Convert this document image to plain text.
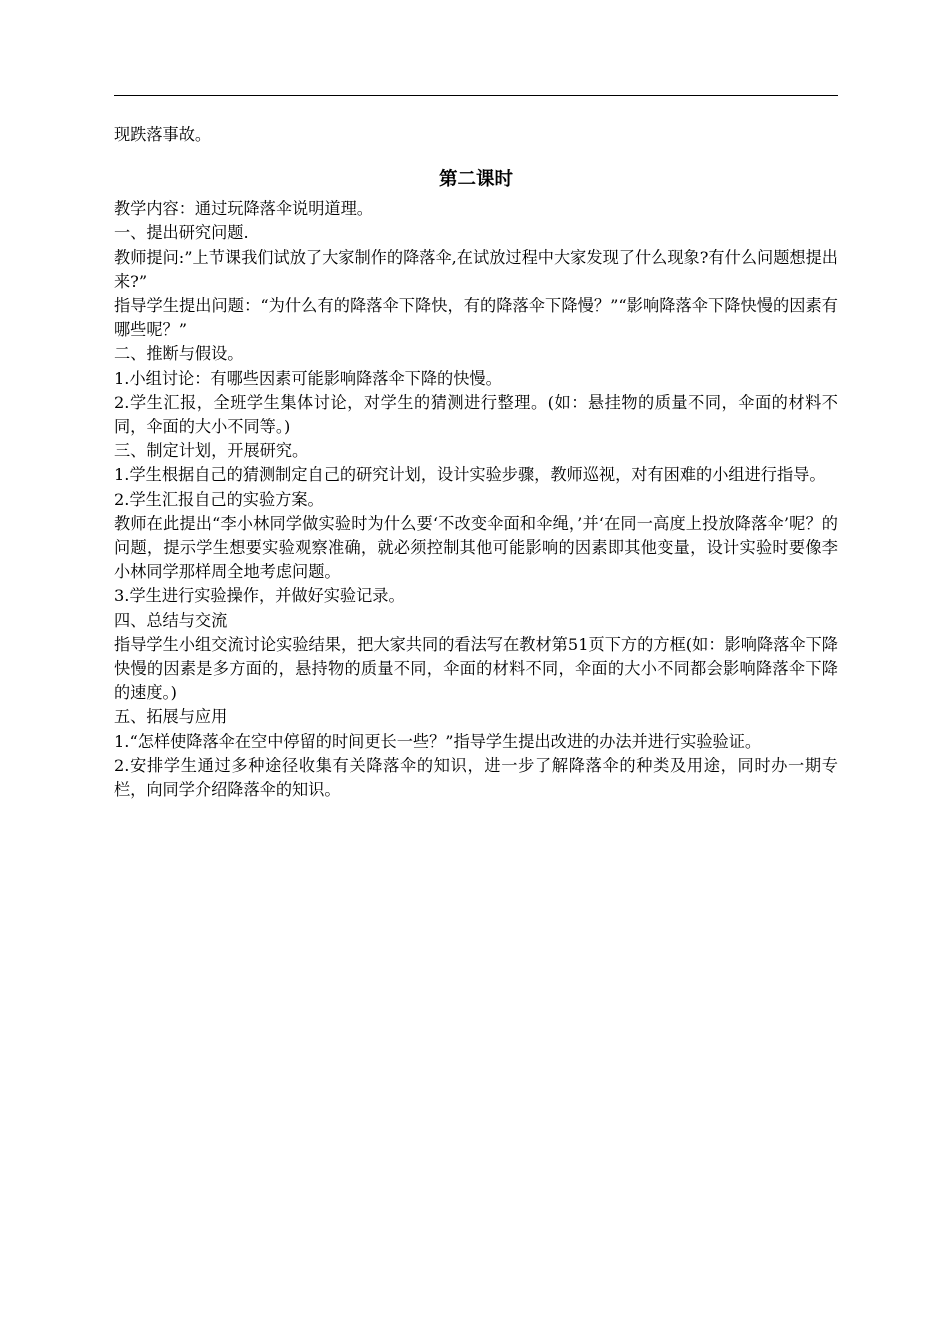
现跌落事故。

第二课时

教学内容：通过玩降落伞说明道理。

一、提出研究问题.

教师提问:”上节课我们试放了大家制作的降落伞,在试放过程中大家发现了什么现象?有什么问题想提出来?”

指导学生提出问题：“为什么有的降落伞下降快，有的降落伞下降慢？”“影响降落伞下降快慢的因素有哪些呢？”

二、推断与假设。

1.小组讨论：有哪些因素可能影响降落伞下降的快慢。

2.学生汇报，全班学生集体讨论，对学生的猜测进行整理。(如：悬挂物的质量不同，伞面的材料不同，伞面的大小不同等。)

三、制定计划，开展研究。

1.学生根据自己的猜测制定自己的研究计划，设计实验步骤，教师巡视，对有困难的小组进行指导。

2.学生汇报自己的实验方案。

教师在此提出“李小林同学做实验时为什么要‘不改变伞面和伞绳，’并‘在同一高度上投放降落伞’呢？的问题，提示学生想要实验观察准确，就必须控制其他可能影响的因素即其他变量，设计实验时要像李小林同学那样周全地考虑问题。

3.学生进行实验操作，并做好实验记录。

四、总结与交流

指导学生小组交流讨论实验结果，把大家共同的看法写在教材第51页下方的方框(如：影响降落伞下降快慢的因素是多方面的，悬持物的质量不同，伞面的材料不同，伞面的大小不同都会影响降落伞下降的速度。)

五、拓展与应用

1.“怎样使降落伞在空中停留的时间更长一些？”指导学生提出改进的办法并进行实验验证。

2.安排学生通过多种途径收集有关降落伞的知识，进一步了解降落伞的种类及用途，同时办一期专栏，向同学介绍降落伞的知识。
